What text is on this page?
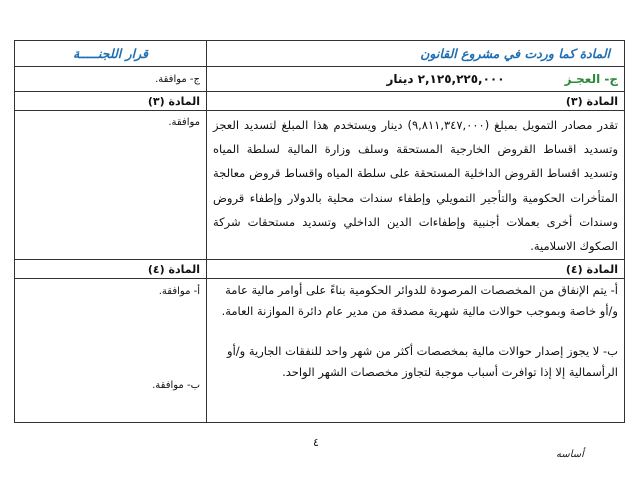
المادة كما وردت في مشروع القانون
قرار اللجنـــــة
ج- العجـز
٢,١٢٥,٢٢٥,٠٠٠ دينار
ج- موافقة.
المادة (٣)
المادة (٣)
تقدر مصادر التمويل بمبلغ (٩,٨١١,٣٤٧,٠٠٠) دينار ويستخدم هذا المبلغ لتسديد العجز وتسديد اقساط القروض الخارجية المستحقة وسلف وزارة المالية لسلطة المياه وتسديد اقساط القروض الداخلية المستحقة على سلطة المياه واقساط قروض معالجة المتأخرات الحكومية والتأجير التمويلي وإطفاء سندات محلية بالدولار وإطفاء قروض وسندات أخرى بعملات أجنبية وإطفاءات الدين الداخلي وتسديد مستحقات شركة الصكوك الاسلامية.
موافقة.
المادة (٤)
المادة (٤)
أ- يتم الإنفاق من المخصصات المرصودة للدوائر الحكومية بناءً على أوامر مالية عامة و/أو خاصة وبموجب حوالات مالية شهرية مصدقة من مدير عام دائرة الموازنة العامة.
ب- لا يجوز إصدار حوالات مالية بمخصصات أكثر من شهر واحد للنفقات الجارية و/أو الرأسمالية إلا إذا توافرت أسباب موجبة لتجاوز مخصصات الشهر الواحد.
أ- موافقة.
ب- موافقة.
٤
أساسه
